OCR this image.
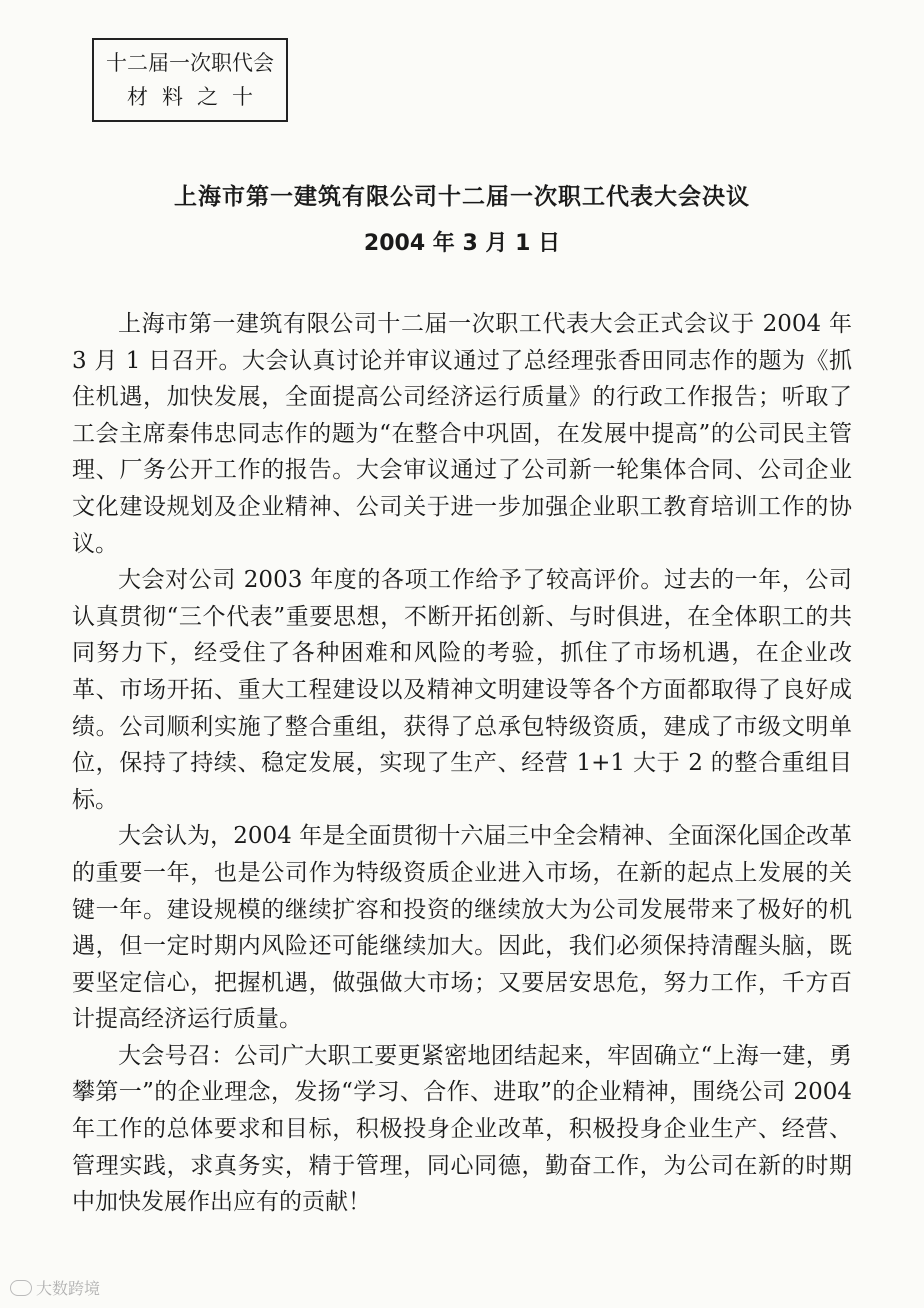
十二届一次职代会
材料之十
上海市第一建筑有限公司十二届一次职工代表大会决议
2004 年 3 月 1 日

上海市第一建筑有限公司十二届一次职工代表大会正式会议于 2004 年 3 月 1 日召开。大会认真讨论并审议通过了总经理张香田同志作的题为《抓住机遇，加快发展，全面提高公司经济运行质量》的行政工作报告；听取了工会主席秦伟忠同志作的题为“在整合中巩固，在发展中提高”的公司民主管理、厂务公开工作的报告。大会审议通过了公司新一轮集体合同、公司企业文化建设规划及企业精神、公司关于进一步加强企业职工教育培训工作的协议。

大会对公司 2003 年度的各项工作给予了较高评价。过去的一年，公司认真贯彻“三个代表”重要思想，不断开拓创新、与时俱进，在全体职工的共同努力下，经受住了各种困难和风险的考验，抓住了市场机遇，在企业改革、市场开拓、重大工程建设以及精神文明建设等各个方面都取得了良好成绩。公司顺利实施了整合重组，获得了总承包特级资质，建成了市级文明单位，保持了持续、稳定发展，实现了生产、经营 1+1 大于 2 的整合重组目标。

大会认为，2004 年是全面贯彻十六届三中全会精神、全面深化国企改革的重要一年，也是公司作为特级资质企业进入市场，在新的起点上发展的关键一年。建设规模的继续扩容和投资的继续放大为公司发展带来了极好的机遇，但一定时期内风险还可能继续加大。因此，我们必须保持清醒头脑，既要坚定信心，把握机遇，做强做大市场；又要居安思危，努力工作，千方百计提高经济运行质量。

大会号召：公司广大职工要更紧密地团结起来，牢固确立“上海一建，勇攀第一”的企业理念，发扬“学习、合作、进取”的企业精神，围绕公司 2004 年工作的总体要求和目标，积极投身企业改革，积极投身企业生产、经营、管理实践，求真务实，精于管理，同心同德，勤奋工作，为公司在新的时期中加快发展作出应有的贡献！

大数跨境
